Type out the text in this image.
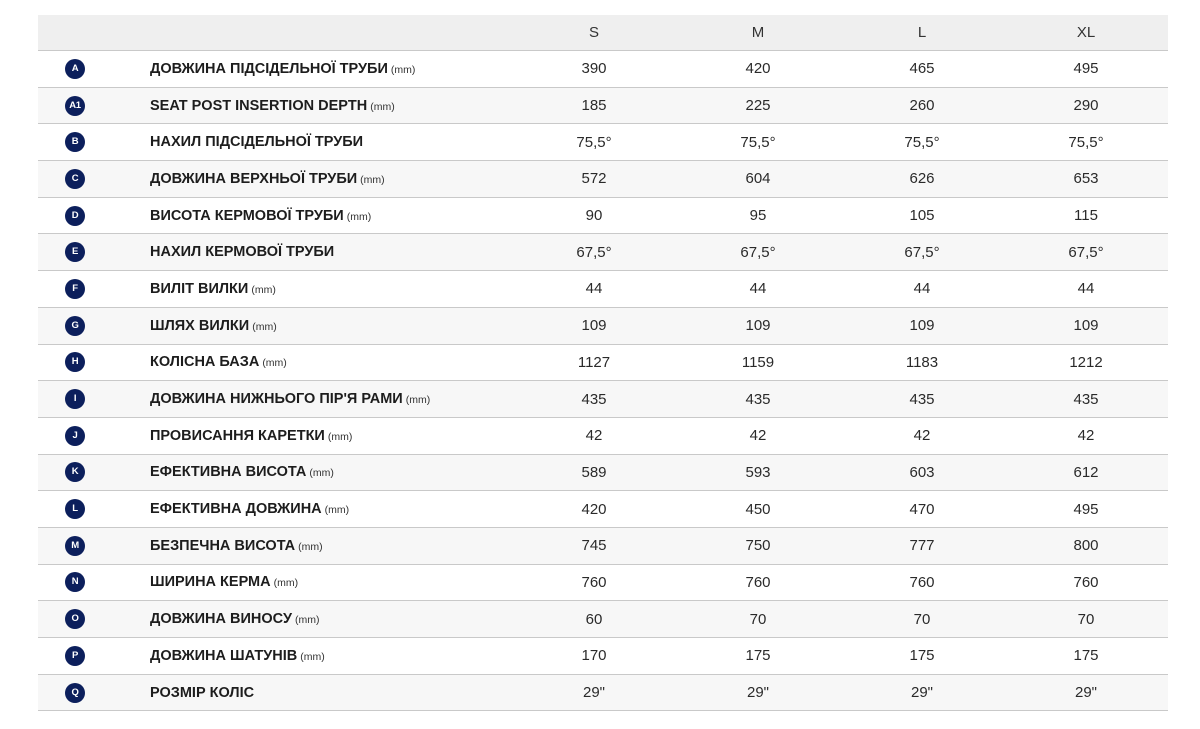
		S	M	L	XL
A	ДОВЖИНА ПІДСІДЕЛЬНОЇ ТРУБИ (mm)	390	420	465	495
A1	SEAT POST INSERTION DEPTH (mm)	185	225	260	290
B	НАХИЛ ПІДСІДЕЛЬНОЇ ТРУБИ	75,5°	75,5°	75,5°	75,5°
C	ДОВЖИНА ВЕРХНЬОЇ ТРУБИ (mm)	572	604	626	653
D	ВИСОТА КЕРМОВОЇ ТРУБИ (mm)	90	95	105	115
E	НАХИЛ КЕРМОВОЇ ТРУБИ	67,5°	67,5°	67,5°	67,5°
F	ВИЛІТ ВИЛКИ (mm)	44	44	44	44
G	ШЛЯХ ВИЛКИ (mm)	109	109	109	109
H	КОЛІСНА БАЗА (mm)	1127	1159	1183	1212
I	ДОВЖИНА НИЖНЬОГО ПІР'Я РАМИ (mm)	435	435	435	435
J	ПРОВИСАННЯ КАРЕТКИ (mm)	42	42	42	42
K	ЕФЕКТИВНА ВИСОТА (mm)	589	593	603	612
L	ЕФЕКТИВНА ДОВЖИНА (mm)	420	450	470	495
M	БЕЗПЕЧНА ВИСОТА (mm)	745	750	777	800
N	ШИРИНА КЕРМА (mm)	760	760	760	760
O	ДОВЖИНА ВИНОСУ (mm)	60	70	70	70
P	ДОВЖИНА ШАТУНІВ (mm)	170	175	175	175
Q	РОЗМІР КОЛІС	29"	29"	29"	29"
